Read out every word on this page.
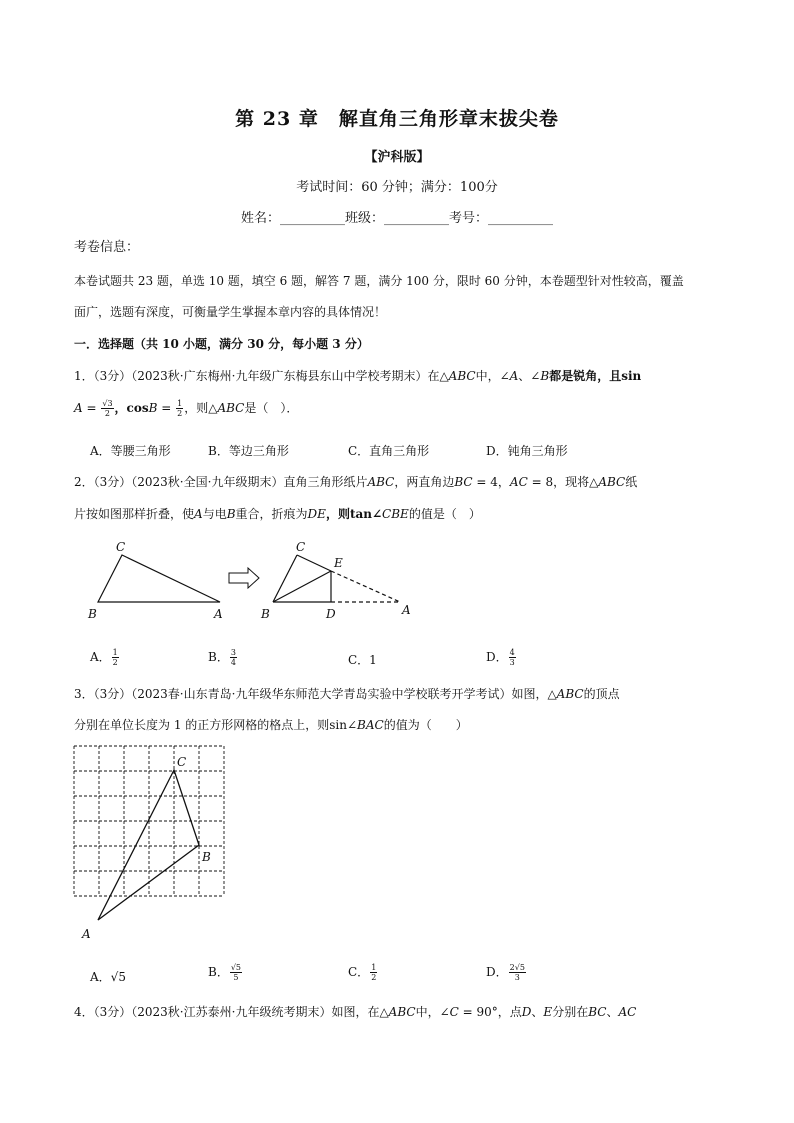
第 23 章　解直角三角形章末拔尖卷
【沪科版】
考试时间：60 分钟；满分：100分
姓名：__________班级：__________考号：__________
考卷信息：
本卷试题共 23 题，单选 10 题，填空 6 题，解答 7 题，满分 100 分，限时 60 分钟，本卷题型针对性较高，覆盖
面广，选题有深度，可衡量学生掌握本章内容的具体情况！
一．选择题（共 10 小题，满分 30 分，每小题 3 分）
1．（3分）（2023秋·广东梅州·九年级广东梅县东山中学校考期末）在△ABC中，∠A、∠B都是锐角，且sin
$A = \frac{√3}{2}$ ，$\cos B = \frac{1}{2}$ ，则△ABC是（　）．
A．等腰三角形	B．等边三角形	C．直角三角形	D．钝角三角形
2．（3分）（2023秋·全国·九年级期末）直角三角形纸片ABC，两直角边BC = 4，AC = 8，现将△ABC纸
片按如图那样折叠，使A与电B重合，折痕为DE，则tan∠CBE的值是（　）
C
B	A
C
E
B	D	A
A． $\frac{1}{2}$	B． $\frac{3}{4}$	C．1	D． $\frac{4}{3}$
3．（3分）（2023春·山东青岛·九年级华东师范大学青岛实验中学校联考开学考试）如图，△ABC的顶点
分别在单位长度为 1 的正方形网格的格点上，则sin∠BAC的值为（　　）
C
B
A
A．√5	B． $\frac{√5}{5}$	C． $\frac{1}{2}$	D． $\frac{2√5}{3}$
4．（3分）（2023秋·江苏泰州·九年级统考期末）如图，在△ABC中，∠C = 90°，点D、E分别在BC、AC
